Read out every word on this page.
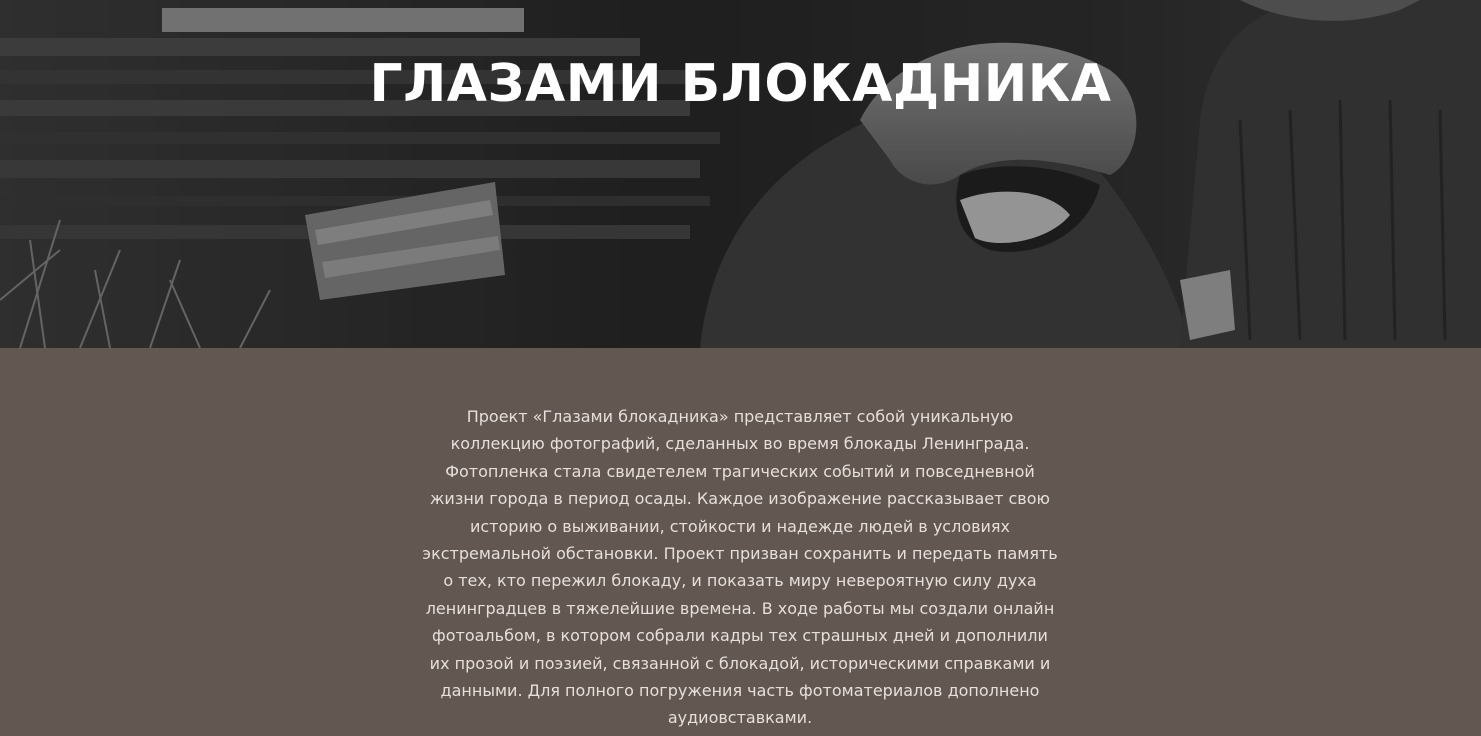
ГЛАЗАМИ БЛОКАДНИКА

Проект «Глазами блокадника» представляет собой уникальную коллекцию фотографий, сделанных во время блокады Ленинграда. Фотопленка стала свидетелем трагических событий и повседневной жизни города в период осады. Каждое изображение рассказывает свою историю о выживании, стойкости и надежде людей в условиях экстремальной обстановки. Проект призван сохранить и передать память о тех, кто пережил блокаду, и показать миру невероятную силу духа ленинградцев в тяжелейшие времена. В ходе работы мы создали онлайн фотоальбом, в котором собрали кадры тех страшных дней и дополнили их прозой и поэзией, связанной с блокадой, историческими справками и данными. Для полного погружения часть фотоматериалов дополнено аудиовставками.
